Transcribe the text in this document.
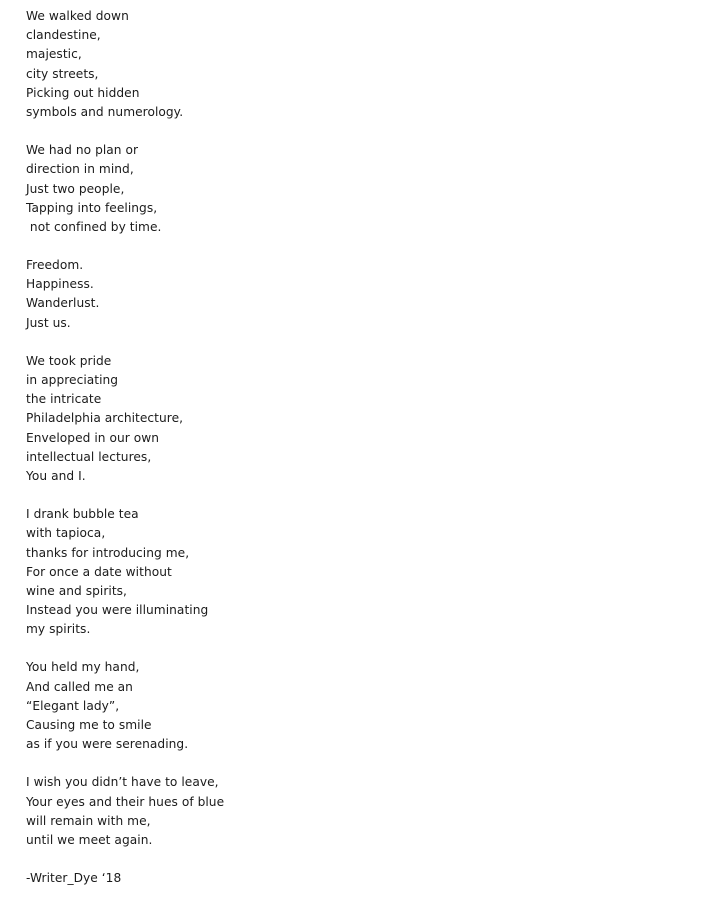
We walked down
clandestine,
majestic,
city streets,
Picking out hidden
symbols and numerology.
We had no plan or
direction in mind,
Just two people,
Tapping into feelings,
not confined by time.
Freedom.
Happiness.
Wanderlust.
Just us.
We took pride
in appreciating
the intricate
Philadelphia architecture,
Enveloped in our own
intellectual lectures,
You and I.
I drank bubble tea
with tapioca,
thanks for introducing me,
For once a date without
wine and spirits,
Instead you were illuminating
my spirits.
You held my hand,
And called me an
“Elegant lady”,
Causing me to smile
as if you were serenading.
I wish you didn’t have to leave,
Your eyes and their hues of blue
will remain with me,
until we meet again.
-Writer_Dye ‘18
